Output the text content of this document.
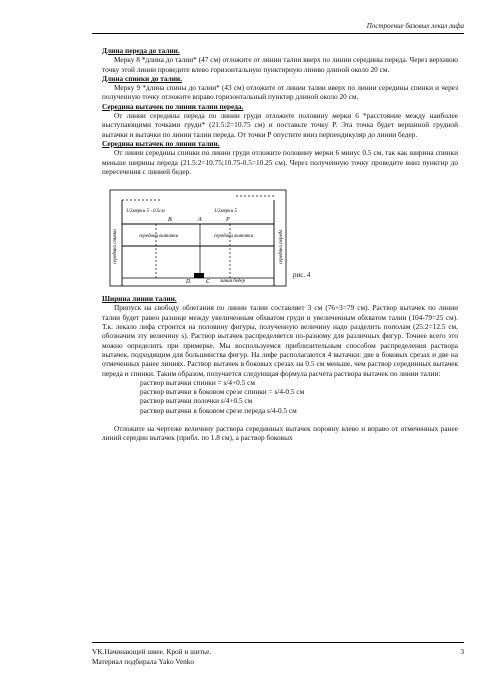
Построение базовых лекал лифа

Длина переда до талии.

Мерку 8 *длина до талии* (47 см) отложите от линии талии вверх по линии середины переда. Через верхнюю точку этой линии проведите влево горизонтальную пунктирную линию длиной около 20 см.

Длина спинки до талии.

Мерку 9 *длина спины до талии* (43 см) отложите от линии талии вверх по линии середины спинки и через полученную точку отложите вправо горизонтальный пунктир длиной около 20 см.

Середина вытачек по линии талии переда.

От линии середины переда по линии груди отложите половину мерки 6 *расстояние между наиболее выступающими точками груди* (21.5:2=10.75 см) и поставьте точку Р. Эта точка будет вершиной грудной вытачки и вытачки по линии талии переда. От точки Р опустите вниз перпендикуляр до линии бедер.

Середина вытачек по линии талии.

От линии середины спинки по линии груди отложите половину мерки 6 минус 0.5 см, так как ширина спинки меньше ширины переда (21.5:2=10.75;10.75-0.5=10.25 см). Через полученную точку проведите вниз пунктир до пересечения с линией бедер.

середина спинки	середина переда
1/2мерки 5 - 0.5см	1/2мерки 5
середина вытачки	середина вытачки
В	А	Р
D	С линия бедер
рис. 4

Ширина линии талии.

Припуск на свободу облегания по линии талии составляет 3 см (76+3=79 см). Раствор вытачек по линии талии будет равен разнице между увеличенным обхватом груди и увеличенным обхватом талии (104-79=25 см). Т.к. лекало лифа строится на половину фигуры, полученную величину надо разделить пополам (25:2=12.5 см, обозначим эту величину s). Раствор вытачек распределяется по-разному для различных фигур. Точнее всего это можно определить при примерке. Мы воспользуемся приблизительным способом распределения раствора вытачек, подходящим для большинства фигур. На лифе располагаются 4 вытачки: две в боковых срезах и две на отмеченных ранее линиях. Раствор вытачек в боковых срезах на 0.5 см меньше, чем раствор серединных вытачек переда и спинки. Таким образом, получается следующая формула расчета раствора вытачек по линии талии:

раствор вытачки спинки = s/4+0.5 см

раствор вытачки в боковом срезе спинки = s/4-0.5 см

раствор вытачки полочки s/4+0.5 см

раствор вытачки в боковом срезе переда s/4-0.5 см

Отложите на чертеже величину раствора серединных вытачек поровну влево и вправо от отмеченных ранее линий середин вытачек (прибл. по 1.8 см), а раствор боковых

VK.Начинающей швее. Крой и шитье.
Материал подбирала Yako Venko
3
